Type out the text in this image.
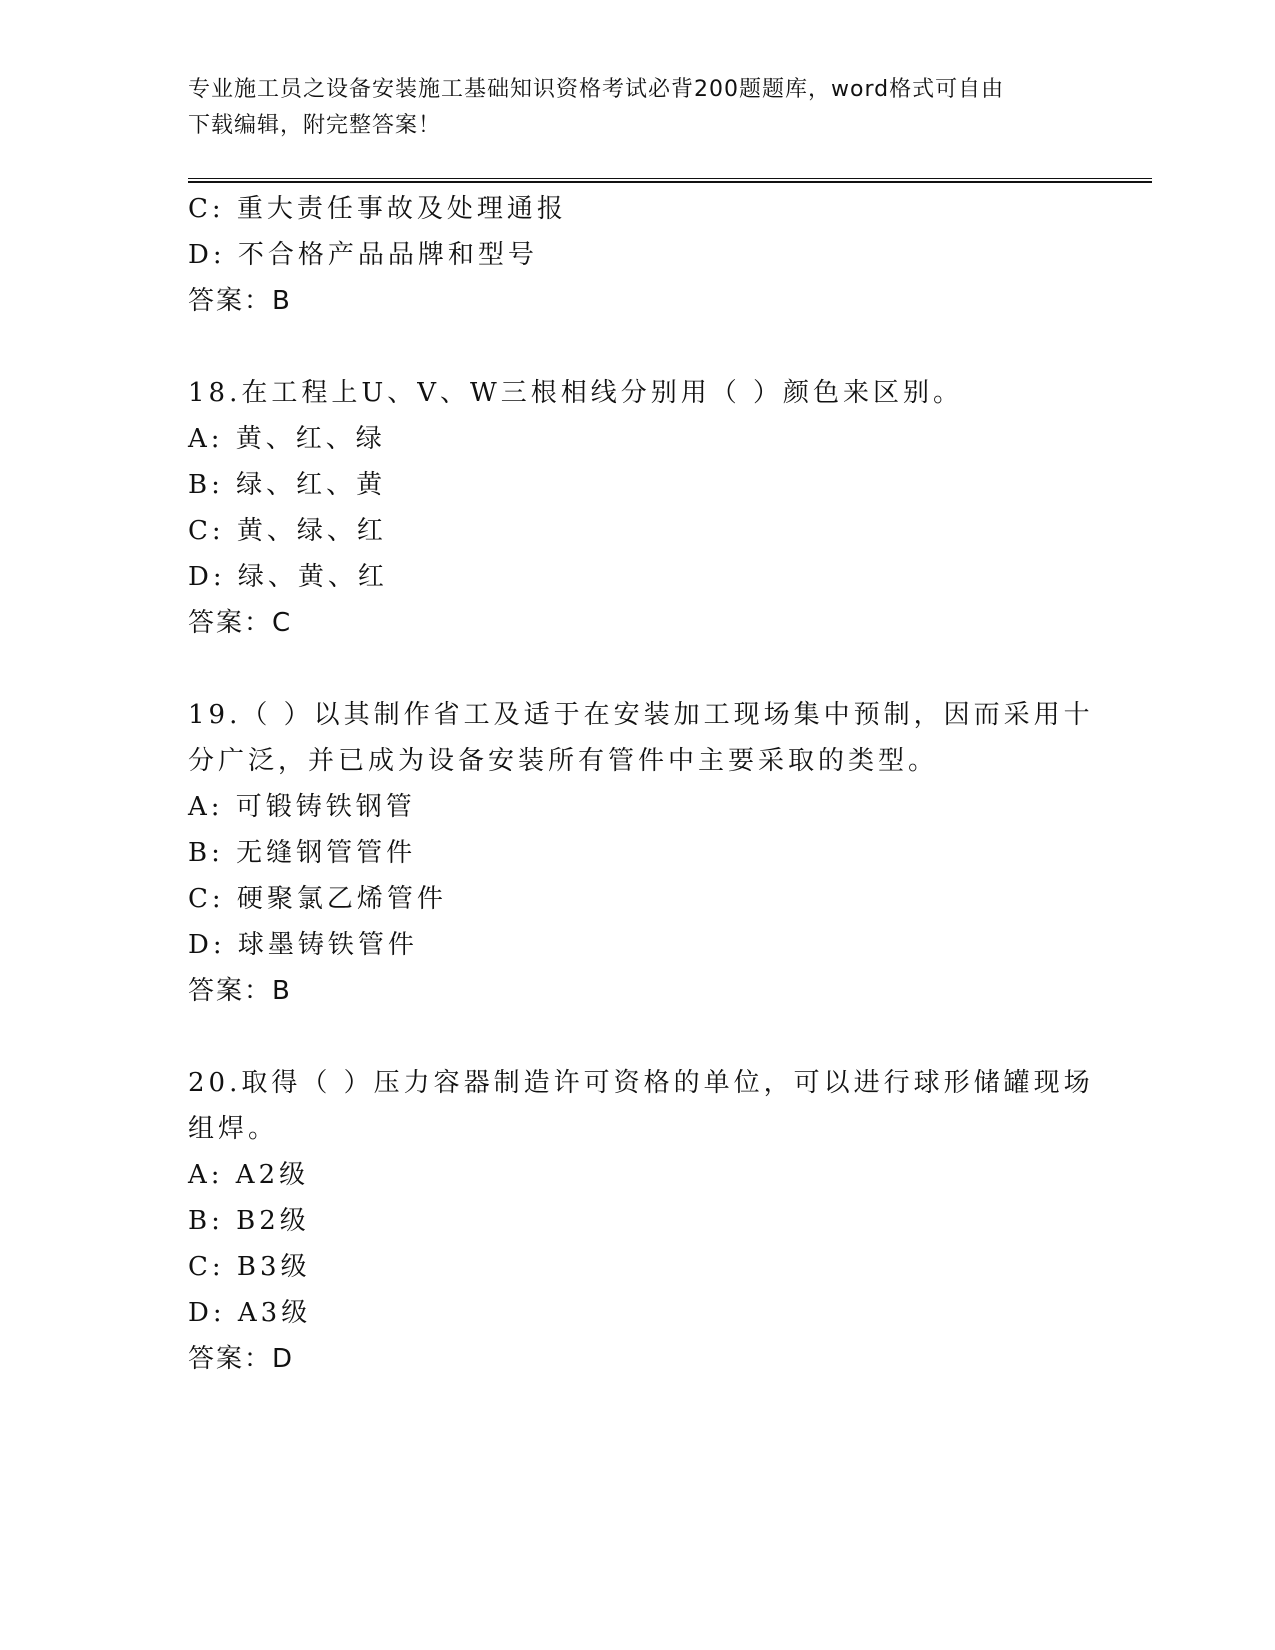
专业施工员之设备安装施工基础知识资格考试必背200题题库，word格式可自由
下载编辑，附完整答案！
C: 重大责任事故及处理通报
D: 不合格产品品牌和型号
答案：B
18.在工程上U、V、W三根相线分别用（ ）颜色来区别。
A: 黄、红、绿
B: 绿、红、黄
C: 黄、绿、红
D: 绿、黄、红
答案：C
19.（ ）以其制作省工及适于在安装加工现场集中预制，因而采用十
分广泛，并已成为设备安装所有管件中主要采取的类型。
A: 可锻铸铁钢管
B: 无缝钢管管件
C: 硬聚氯乙烯管件
D: 球墨铸铁管件
答案：B
20.取得（ ）压力容器制造许可资格的单位，可以进行球形储罐现场
组焊。
A: A2级
B: B2级
C: B3级
D: A3级
答案：D
